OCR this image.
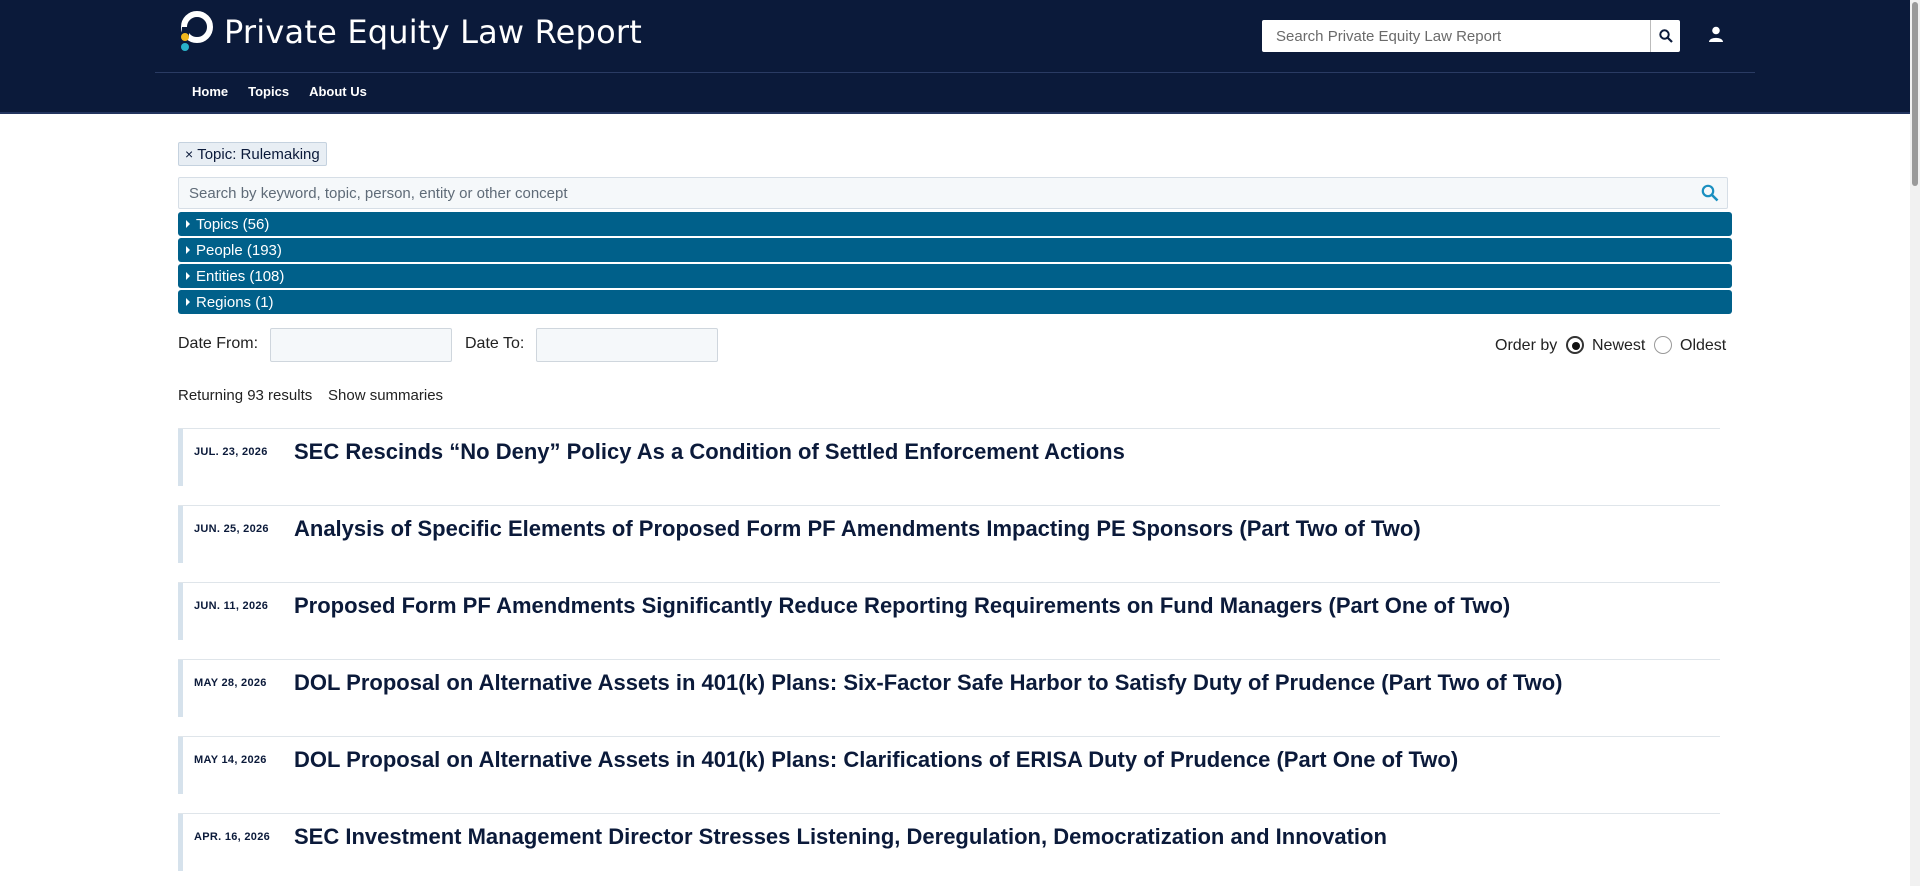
Private Equity Law Report
Search Private Equity Law Report
Home Topics About Us
× Topic: Rulemaking
Search by keyword, topic, person, entity or other concept
Topics (56)
People (193)
Entities (108)
Regions (1)
Date From:	Date To:	Order by Newest Oldest
Returning 93 results Show summaries
JUL. 23, 2026 SEC Rescinds “No Deny” Policy As a Condition of Settled Enforcement Actions
JUN. 25, 2026 Analysis of Specific Elements of Proposed Form PF Amendments Impacting PE Sponsors (Part Two of Two)
JUN. 11, 2026 Proposed Form PF Amendments Significantly Reduce Reporting Requirements on Fund Managers (Part One of Two)
MAY 28, 2026 DOL Proposal on Alternative Assets in 401(k) Plans: Six-Factor Safe Harbor to Satisfy Duty of Prudence (Part Two of Two)
MAY 14, 2026 DOL Proposal on Alternative Assets in 401(k) Plans: Clarifications of ERISA Duty of Prudence (Part One of Two)
APR. 16, 2026 SEC Investment Management Director Stresses Listening, Deregulation, Democratization and Innovation
